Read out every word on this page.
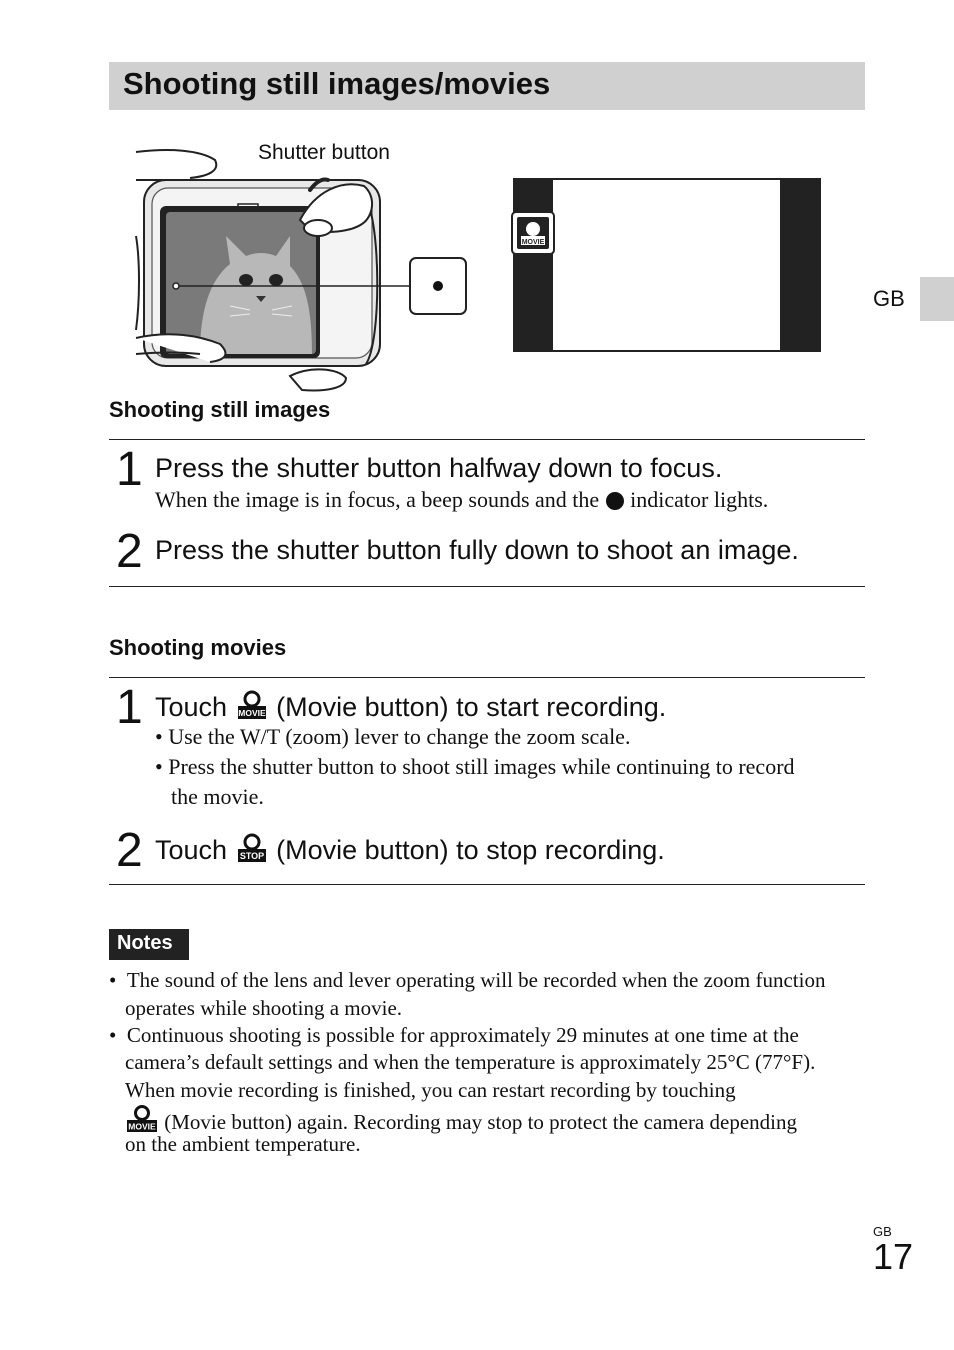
Shooting still images/movies
GB
Shutter button
MOVIE
Shooting still images
1 Press the shutter button halfway down to focus.
When the image is in focus, a beep sounds and the indicator lights.
2 Press the shutter button fully down to shoot an image.
Shooting movies
1 Touch MOVIE (Movie button) to start recording.
• Use the W/T (zoom) lever to change the zoom scale.
• Press the shutter button to shoot still images while continuing to record
the movie.
2 Touch STOP (Movie button) to stop recording.
Notes
•  The sound of the lens and lever operating will be recorded when the zoom function
operates while shooting a movie.
•  Continuous shooting is possible for approximately 29 minutes at one time at the
camera’s default settings and when the temperature is approximately 25°C (77°F).
When movie recording is finished, you can restart recording by touching
MOVIE (Movie button) again. Recording may stop to protect the camera depending
on the ambient temperature.
GB
17
